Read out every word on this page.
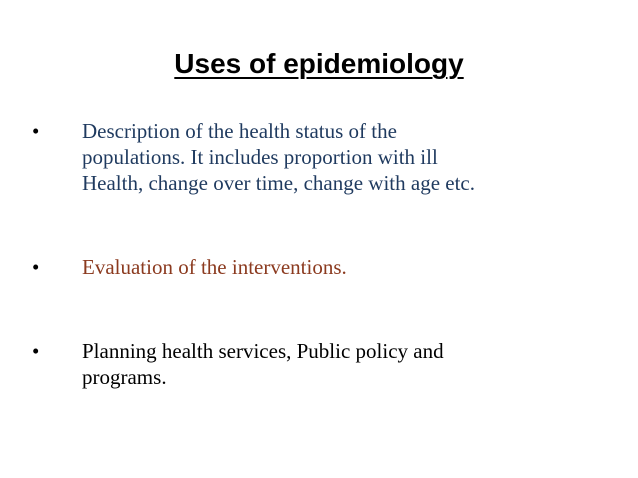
Uses of epidemiology
•	Description of the health status of the
populations. It includes proportion with ill
Health, change over time, change with age etc.
•	Evaluation of the interventions.
•	Planning health services, Public policy and
programs.
